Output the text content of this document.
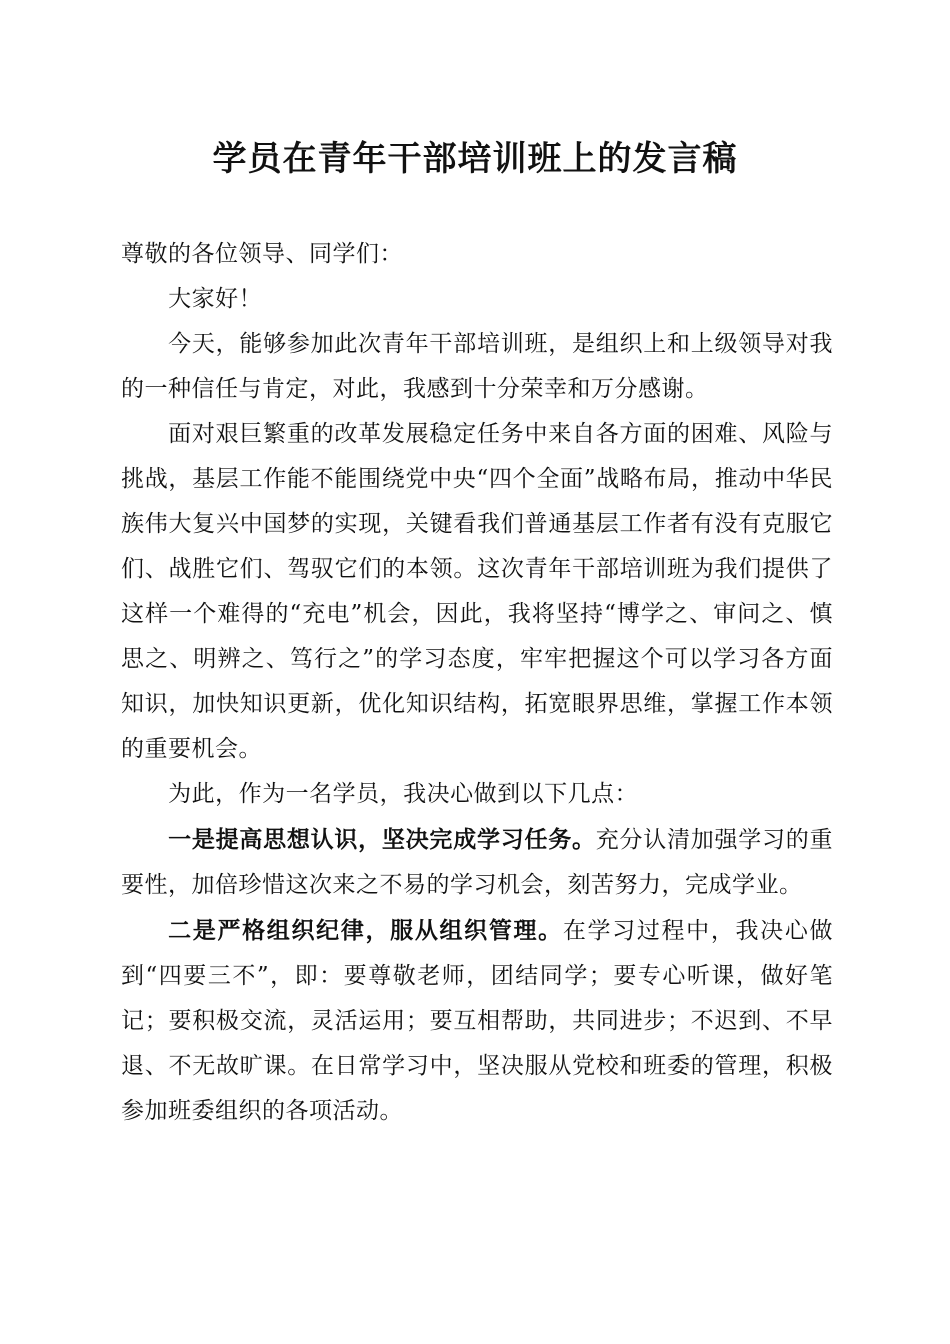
学员在青年干部培训班上的发言稿

尊敬的各位领导、同学们：

大家好！

今天，能够参加此次青年干部培训班，是组织上和上级领导对我的一种信任与肯定，对此，我感到十分荣幸和万分感谢。

面对艰巨繁重的改革发展稳定任务中来自各方面的困难、风险与挑战，基层工作能不能围绕党中央“四个全面”战略布局，推动中华民族伟大复兴中国梦的实现，关键看我们普通基层工作者有没有克服它们、战胜它们、驾驭它们的本领。这次青年干部培训班为我们提供了这样一个难得的“充电”机会，因此，我将坚持“博学之、审问之、慎思之、明辨之、笃行之”的学习态度，牢牢把握这个可以学习各方面知识，加快知识更新，优化知识结构，拓宽眼界思维，掌握工作本领的重要机会。

为此，作为一名学员，我决心做到以下几点：

一是提高思想认识，坚决完成学习任务。充分认清加强学习的重要性，加倍珍惜这次来之不易的学习机会，刻苦努力，完成学业。

二是严格组织纪律，服从组织管理。在学习过程中，我决心做到“四要三不”，即：要尊敬老师，团结同学；要专心听课，做好笔记；要积极交流，灵活运用；要互相帮助，共同进步；不迟到、不早退、不无故旷课。在日常学习中，坚决服从党校和班委的管理，积极参加班委组织的各项活动。
